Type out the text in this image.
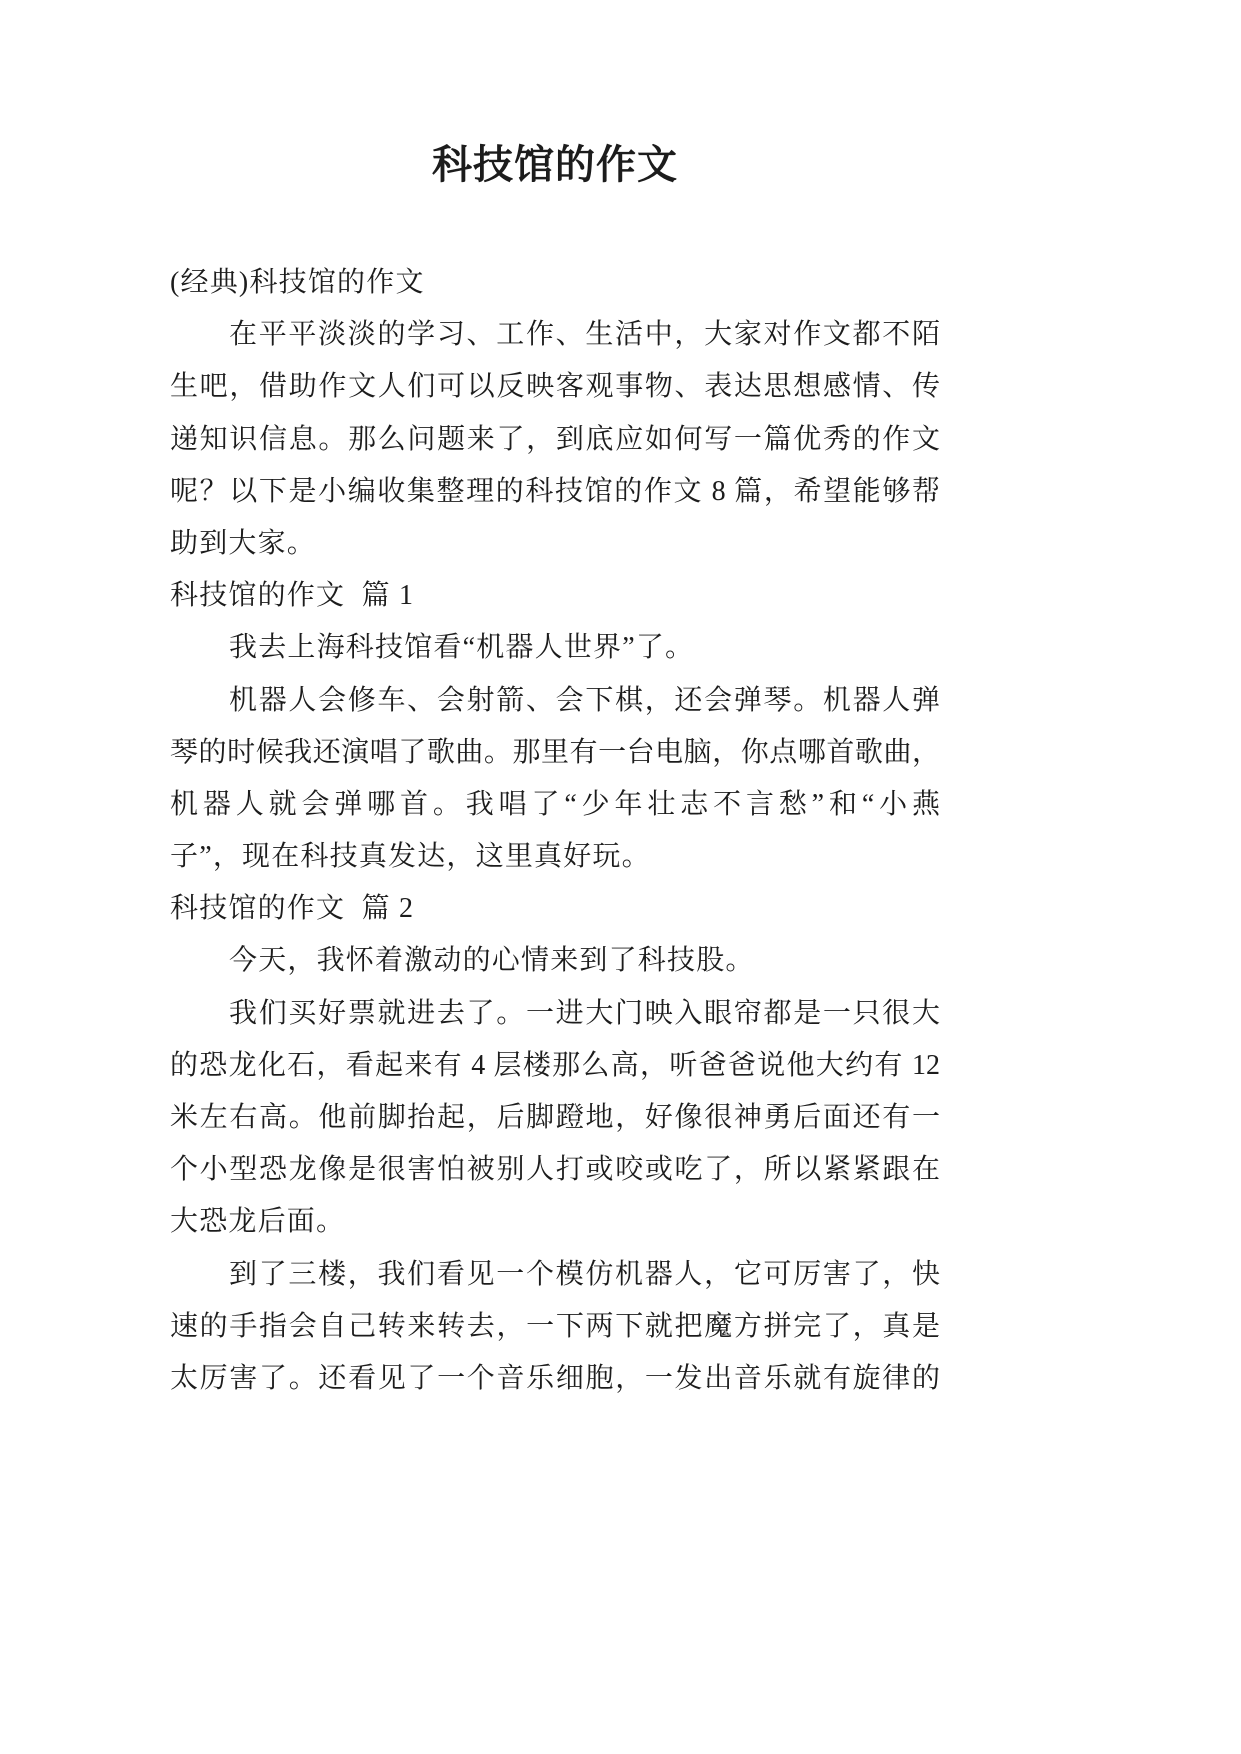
科技馆的作文
(经典)科技馆的作文
在平平淡淡的学习、工作、生活中，大家对作文都不陌
生吧，借助作文人们可以反映客观事物、表达思想感情、传
递知识信息。那么问题来了，到底应如何写一篇优秀的作文
呢？以下是小编收集整理的科技馆的作文 8 篇，希望能够帮
助到大家。
科技馆的作文  篇 1
我去上海科技馆看“机器人世界”了。
机器人会修车、会射箭、会下棋，还会弹琴。机器人弹
琴的时候我还演唱了歌曲。那里有一台电脑，你点哪首歌曲，
机器人就会弹哪首。我唱了“少年壮志不言愁”和“小燕
子”，现在科技真发达，这里真好玩。
科技馆的作文  篇 2
今天，我怀着激动的心情来到了科技股。
我们买好票就进去了。一进大门映入眼帘都是一只很大
的恐龙化石，看起来有 4 层楼那么高，听爸爸说他大约有 12
米左右高。他前脚抬起，后脚蹬地，好像很神勇后面还有一
个小型恐龙像是很害怕被别人打或咬或吃了，所以紧紧跟在
大恐龙后面。
到了三楼，我们看见一个模仿机器人，它可厉害了，快
速的手指会自己转来转去，一下两下就把魔方拼完了，真是
太厉害了。还看见了一个音乐细胞，一发出音乐就有旋律的
